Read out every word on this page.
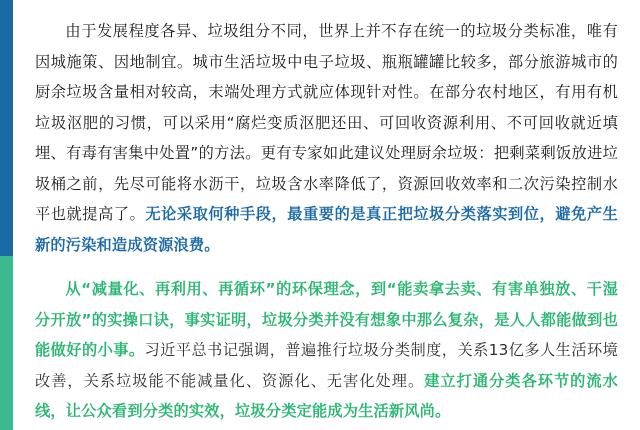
由于发展程度各异、垃圾组分不同，世界上并不存在统一的垃圾分类标准，唯有因城施策、因地制宜。城市生活垃圾中电子垃圾、瓶瓶罐罐比较多，部分旅游城市的厨余垃圾含量相对较高，末端处理方式就应体现针对性。在部分农村地区，有用有机垃圾沤肥的习惯，可以采用“腐烂变质沤肥还田、可回收资源利用、不可回收就近填埋、有毒有害集中处置”的方法。更有专家如此建议处理厨余垃圾：把剩菜剩饭放进垃圾桶之前，先尽可能将水沥干，垃圾含水率降低了，资源回收效率和二次污染控制水平也就提高了。无论采取何种手段，最重要的是真正把垃圾分类落实到位，避免产生新的污染和造成资源浪费。

从“减量化、再利用、再循环”的环保理念，到“能卖拿去卖、有害单独放、干湿分开放”的实操口诀，事实证明，垃圾分类并没有想象中那么复杂，是人人都能做到也能做好的小事。习近平总书记强调，普遍推行垃圾分类制度，关系13亿多人生活环境改善，关系垃圾能不能减量化、资源化、无害化处理。建立打通分类各环节的流水线，让公众看到分类的实效，垃圾分类定能成为生活新风尚。
